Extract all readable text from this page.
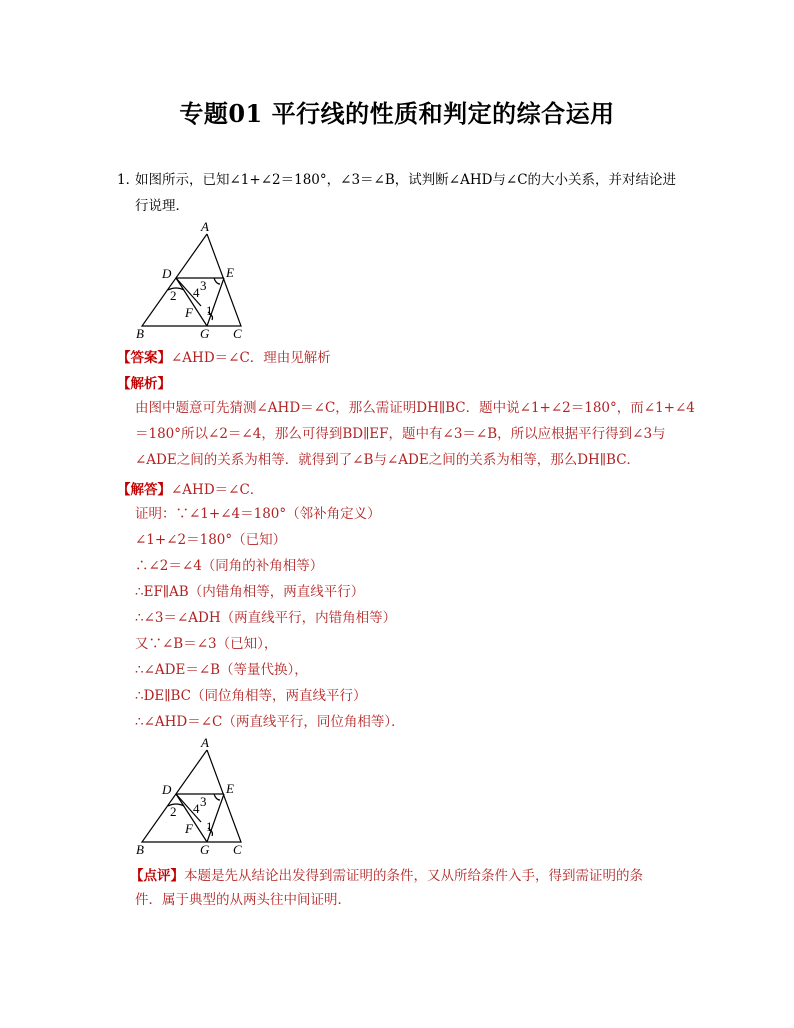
专题01 平行线的性质和判定的综合运用
1．
如图所示，已知∠1+∠2＝180°，∠3＝∠B，试判断∠AHD与∠C的大小关系，并对结论进
行说理．
A
D	E
2 4 3
F 1
B	G C
【答案】∠AHD＝∠C．理由见解析
【解析】
由图中题意可先猜测∠AHD＝∠C，那么需证明DH∥BC．题中说∠1+∠2＝180°，而∠1+∠4
＝180°所以∠2＝∠4，那么可得到BD∥EF，题中有∠3＝∠B，所以应根据平行得到∠3与
∠ADE之间的关系为相等．就得到了∠B与∠ADE之间的关系为相等，那么DH∥BC．
【解答】∠AHD＝∠C．
证明：∵∠1+∠4＝180°（邻补角定义）
∠1+∠2＝180°（已知）
∴∠2＝∠4（同角的补角相等）
∴EF∥AB（内错角相等，两直线平行）
∴∠3＝∠ADH（两直线平行，内错角相等）
又∵∠B＝∠3（已知），
∴∠ADE＝∠B（等量代换），
∴DE∥BC（同位角相等，两直线平行）
∴∠AHD＝∠C（两直线平行，同位角相等）．
A
D	E
2 4 3
F 1
B	G C
【点评】本题是先从结论出发得到需证明的条件，又从所给条件入手，得到需证明的条
件．属于典型的从两头往中间证明．
